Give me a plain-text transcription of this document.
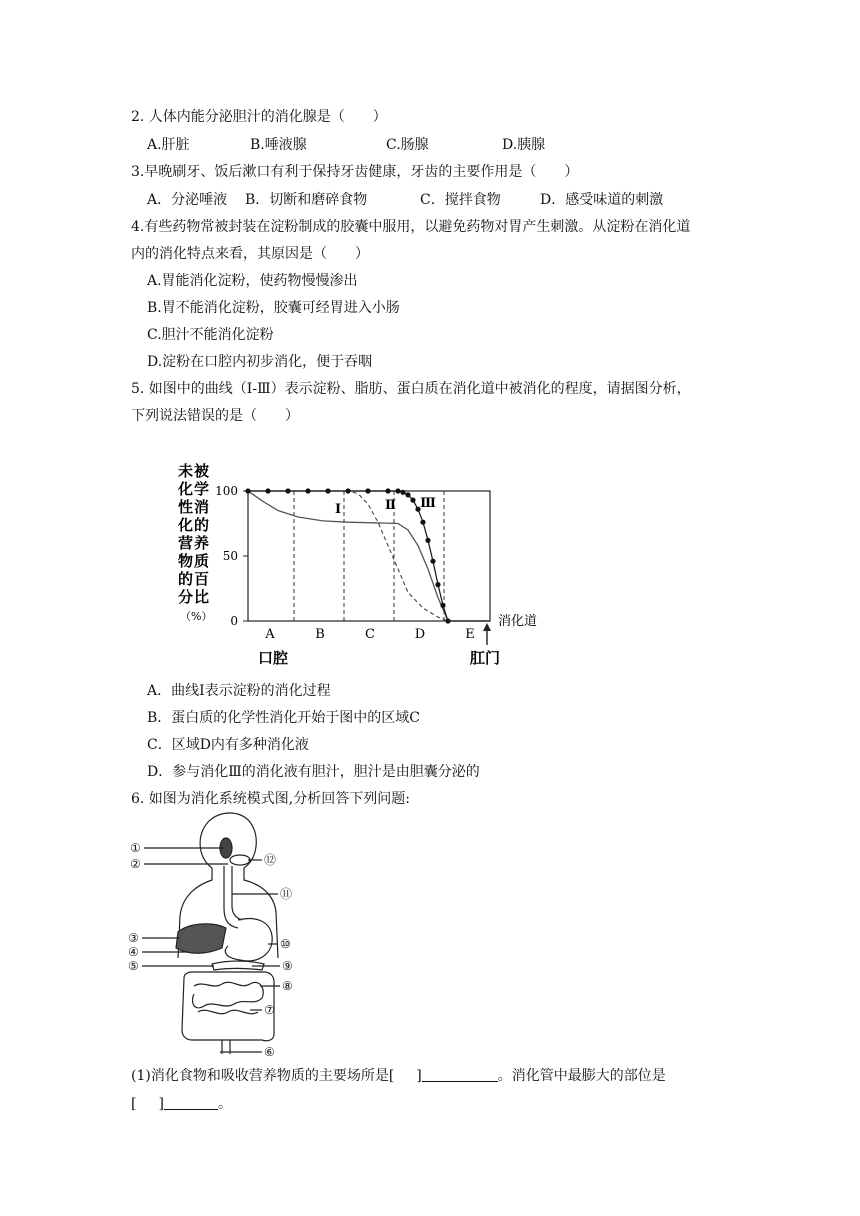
2. 人体内能分泌胆汁的消化腺是（　　）
A.肝脏	B.唾液腺	C.肠腺	D.胰腺
3.早晚刷牙、饭后漱口有利于保持牙齿健康，牙齿的主要作用是（　　）
A．分泌唾液 B．切断和磨碎食物	C．搅拌食物	D．感受味道的刺激
4.有些药物常被封装在淀粉制成的胶囊中服用，以避免药物对胃产生刺激。从淀粉在消化道
内的消化特点来看，其原因是（　　）
A.胃能消化淀粉，使药物慢慢渗出
B.胃不能消化淀粉，胶囊可经胃进入小肠
C.胆汁不能消化淀粉
D.淀粉在口腔内初步消化，便于吞咽
5. 如图中的曲线（Ⅰ-Ⅲ）表示淀粉、脂肪、蛋白质在消化道中被消化的程度，请据图分析，
下列说法错误的是（　　）
未被
化学
性消
化的
营养
物质
的百
分比
（%）
100
50
0
A	B	C	D	E
Ⅰ	Ⅱ Ⅲ
消化道
口腔	肛门
A．曲线Ⅰ表示淀粉的消化过程
B．蛋白质的化学性消化开始于图中的区域C
C．区域D内有多种消化液
D．参与消化Ⅲ的消化液有胆汁，胆汁是由胆囊分泌的
6. 如图为消化系统模式图,分析回答下列问题:
①
②
③
④
⑤
⑥
⑦
⑧
⑨
⑩
⑪
⑫
(1)消化食物和吸收营养物质的主要场所是[ ]	。消化管中最膨大的部位是
[ ]	。
